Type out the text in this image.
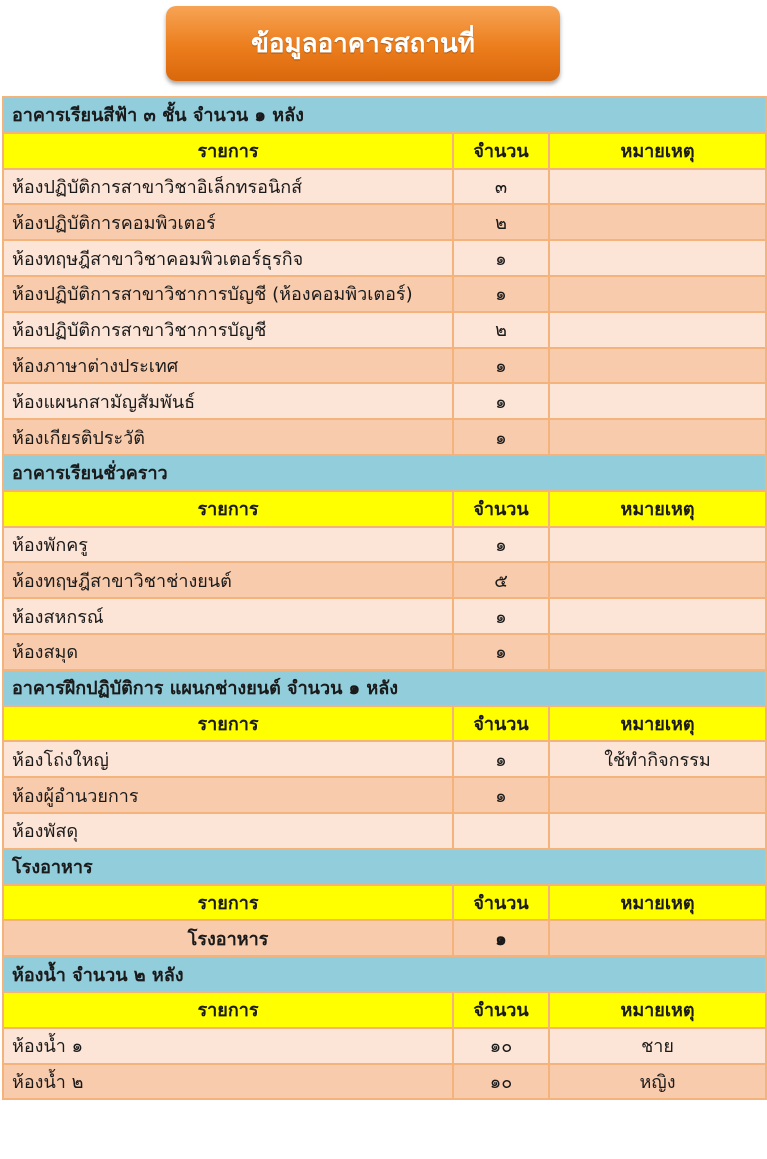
ข้อมูลอาคารสถานที่
อาคารเรียนสีฟ้า ๓ ชั้น จำนวน ๑ หลัง		
รายการ	จำนวน	หมายเหตุ
ห้องปฏิบัติการสาขาวิชาอิเล็กทรอนิกส์	๓	
ห้องปฏิบัติการคอมพิวเตอร์	๒	
ห้องทฤษฎีสาขาวิชาคอมพิวเตอร์ธุรกิจ	๑	
ห้องปฏิบัติการสาขาวิชาการบัญชี (ห้องคอมพิวเตอร์)	๑	
ห้องปฏิบัติการสาขาวิชาการบัญชี	๒	
ห้องภาษาต่างประเทศ	๑	
ห้องแผนกสามัญสัมพันธ์	๑	
ห้องเกียรติประวัติ	๑	
อาคารเรียนชั่วคราว		
รายการ	จำนวน	หมายเหตุ
ห้องพักครู	๑	
ห้องทฤษฎีสาขาวิชาช่างยนต์	๕	
ห้องสหกรณ์	๑	
ห้องสมุด	๑	
อาคารฝึกปฏิบัติการ แผนกช่างยนต์ จำนวน ๑ หลัง		
รายการ	จำนวน	หมายเหตุ
ห้องโถ่งใหญ่	๑	ใช้ทำกิจกรรม
ห้องผู้อำนวยการ	๑	
ห้องพัสดุ		
โรงอาหาร		
รายการ	จำนวน	หมายเหตุ
โรงอาหาร	๑	
ห้องน้ำ จำนวน ๒ หลัง		
รายการ	จำนวน	หมายเหตุ
ห้องน้ำ ๑	๑๐	ชาย
ห้องน้ำ ๒	๑๐	หญิง
